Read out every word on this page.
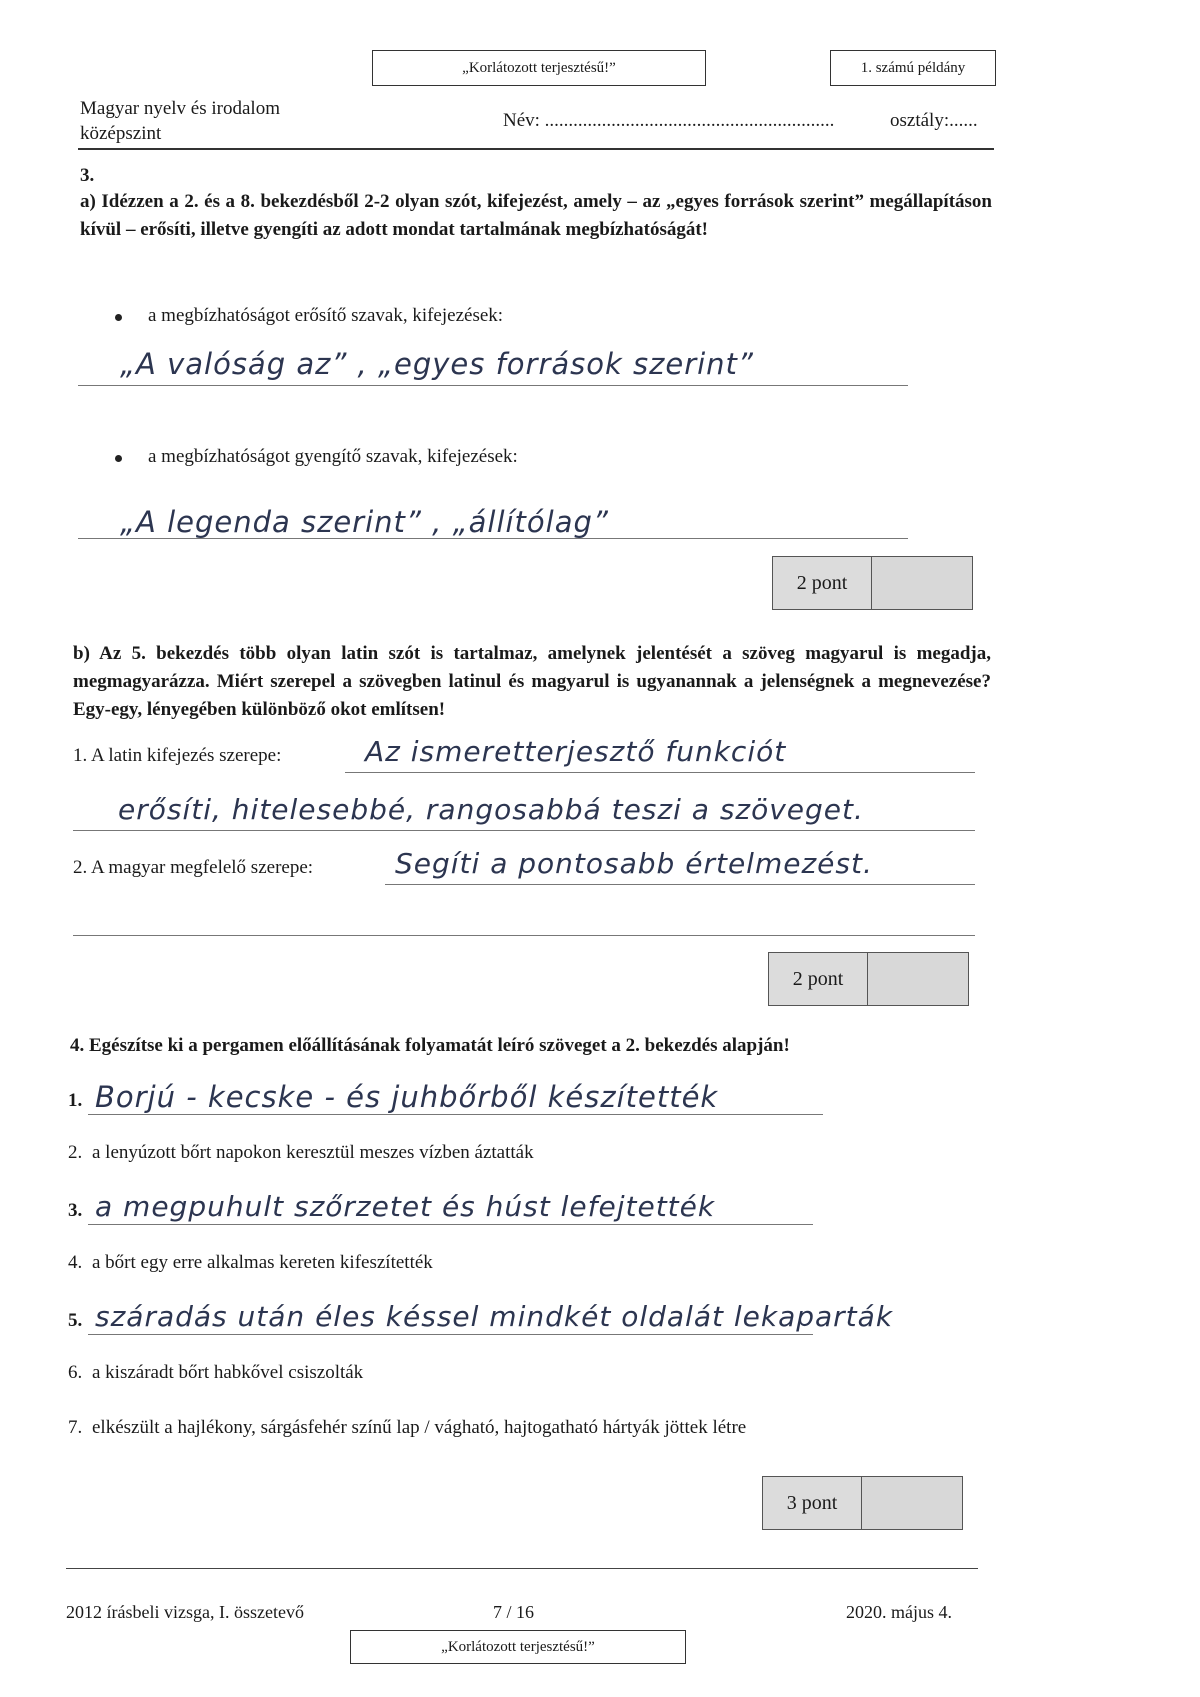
„Korlátozott terjesztésű!”	1. számú példány
Magyar nyelv és irodalom
középszint
Név: .............................................................	osztály:......
3.
a) Idézzen a 2. és a 8. bekezdésből 2-2 olyan szót, kifejezést, amely – az „egyes források szerint” megállapításon kívül – erősíti, illetve gyengíti az adott mondat tartalmának megbízhatóságát!
a megbízhatóságot erősítő szavak, kifejezések:
„A valóság az” , „egyes források szerint”
a megbízhatóságot gyengítő szavak, kifejezések:
„A legenda szerint” , „állítólag”
2 pont
b) Az 5. bekezdés több olyan latin szót is tartalmaz, amelynek jelentését a szöveg magyarul is megadja, megmagyarázza. Miért szerepel a szövegben latinul és magyarul is ugyanannak a jelenségnek a megnevezése? Egy-egy, lényegében különböző okot említsen!
1. A latin kifejezés szerepe:	Az ismeretterjesztő funkciót
erősíti, hitelesebbé, rangosabbá teszi a szöveget.
2. A magyar megfelelő szerepe:	Segíti a pontosabb értelmezést.
2 pont
4. Egészítse ki a pergamen előállításának folyamatát leíró szöveget a 2. bekezdés alapján!
1. Borjú - kecske - és juhbőrből készítették
2. a lenyúzott bőrt napokon keresztül meszes vízben áztatták
3. a megpuhult szőrzetet és húst lefejtették
4. a bőrt egy erre alkalmas kereten kifeszítették
5. száradás után éles késsel mindkét oldalát lekaparták
6. a kiszáradt bőrt habkővel csiszolták
7. elkészült a hajlékony, sárgásfehér színű lap / vágható, hajtogatható hártyák jöttek létre
3 pont
2012 írásbeli vizsga, I. összetevő	7 / 16	2020. május 4.
„Korlátozott terjesztésű!”
